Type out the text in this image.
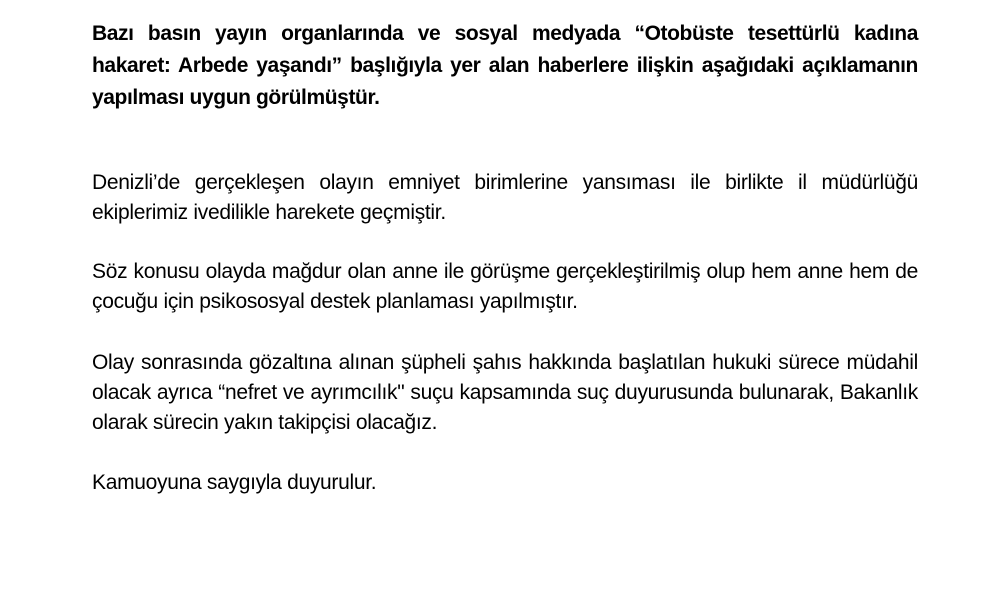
Bazı basın yayın organlarında ve sosyal medyada “Otobüste tesettürlü kadına hakaret: Arbede yaşandı” başlığıyla yer alan haberlere ilişkin aşağıdaki açıklamanın yapılması uygun görülmüştür.

Denizli’de gerçekleşen olayın emniyet birimlerine yansıması ile birlikte il müdürlüğü ekiplerimiz ivedilikle harekete geçmiştir.

Söz konusu olayda mağdur olan anne ile görüşme gerçekleştirilmiş olup hem anne hem de çocuğu için psikososyal destek planlaması yapılmıştır.

Olay sonrasında gözaltına alınan şüpheli şahıs hakkında başlatılan hukuki sürece müdahil olacak ayrıca “nefret ve ayrımcılık" suçu kapsamında suç duyurusunda bulunarak, Bakanlık olarak sürecin yakın takipçisi olacağız.

Kamuoyuna saygıyla duyurulur.
